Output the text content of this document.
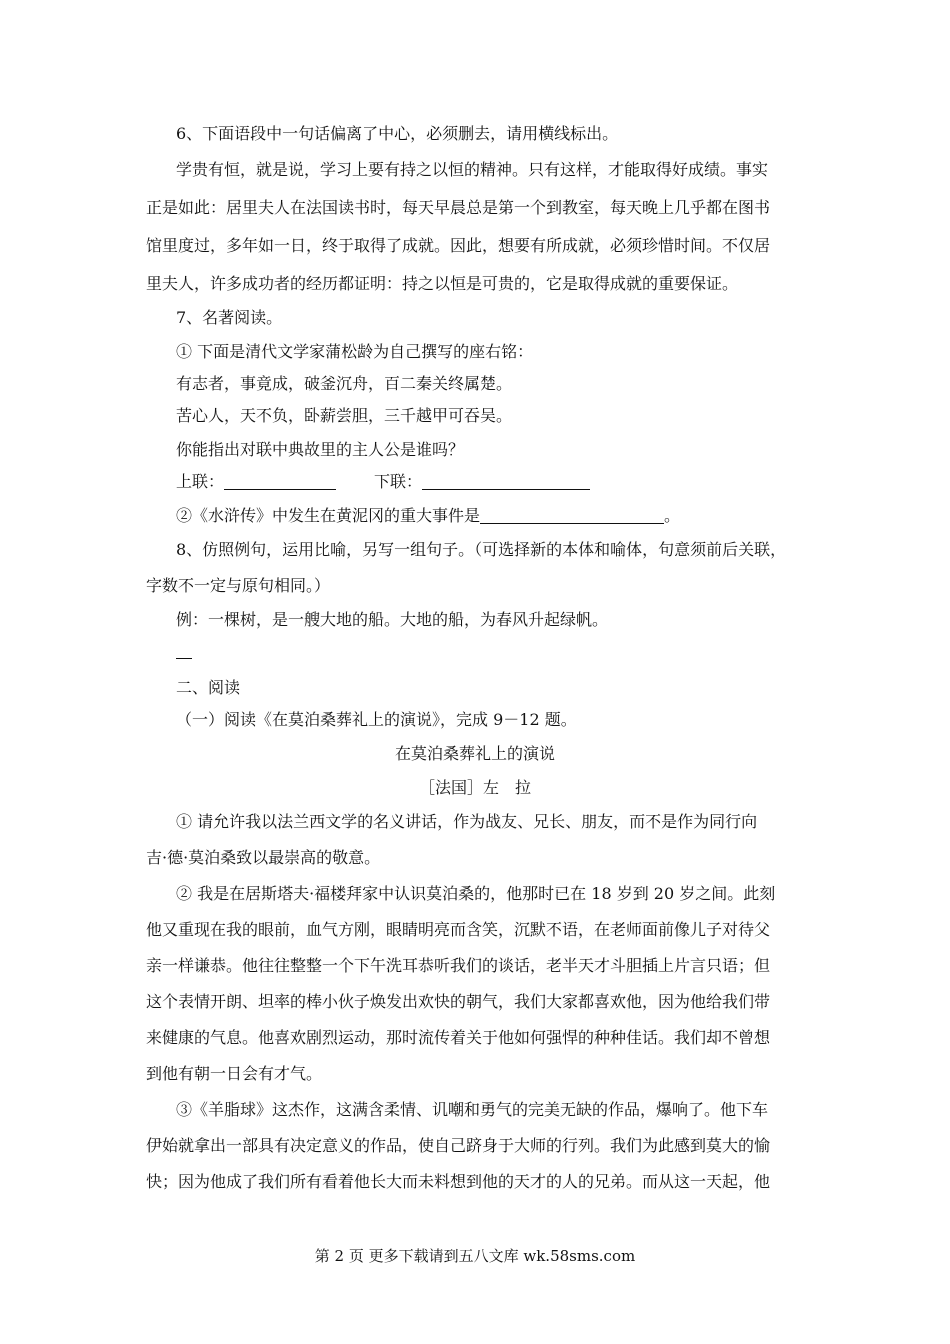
6、下面语段中一句话偏离了中心，必须删去，请用横线标出。
学贵有恒，就是说，学习上要有持之以恒的精神。只有这样，才能取得好成绩。事实
正是如此：居里夫人在法国读书时，每天早晨总是第一个到教室，每天晚上几乎都在图书
馆里度过，多年如一日，终于取得了成就。因此，想要有所成就，必须珍惜时间。不仅居
里夫人，许多成功者的经历都证明：持之以恒是可贵的，它是取得成就的重要保证。
7、名著阅读。
① 下面是清代文学家蒲松龄为自己撰写的座右铭：
有志者，事竟成，破釜沉舟，百二秦关终属楚。
苦心人，天不负，卧薪尝胆，三千越甲可吞吴。
你能指出对联中典故里的主人公是谁吗？
上联：	下联：
②《水浒传》中发生在黄泥冈的重大事件是	。
8、仿照例句，运用比喻，另写一组句子。（可选择新的本体和喻体，句意须前后关联，
字数不一定与原句相同。）
例：一棵树，是一艘大地的船。大地的船，为春风升起绿帆。
二、阅读
（一）阅读《在莫泊桑葬礼上的演说》，完成 9－12 题。
在莫泊桑葬礼上的演说
［法国］左　拉
① 请允许我以法兰西文学的名义讲话，作为战友、兄长、朋友，而不是作为同行向
吉·德·莫泊桑致以最崇高的敬意。
② 我是在居斯塔夫·福楼拜家中认识莫泊桑的，他那时已在 18 岁到 20 岁之间。此刻
他又重现在我的眼前，血气方刚，眼睛明亮而含笑，沉默不语，在老师面前像儿子对待父
亲一样谦恭。他往往整整一个下午洗耳恭听我们的谈话，老半天才斗胆插上片言只语；但
这个表情开朗、坦率的棒小伙子焕发出欢快的朝气，我们大家都喜欢他，因为他给我们带
来健康的气息。他喜欢剧烈运动，那时流传着关于他如何强悍的种种佳话。我们却不曾想
到他有朝一日会有才气。
③《羊脂球》这杰作，这满含柔情、讥嘲和勇气的完美无缺的作品，爆响了。他下车
伊始就拿出一部具有决定意义的作品，使自己跻身于大师的行列。我们为此感到莫大的愉
快；因为他成了我们所有看着他长大而未料想到他的天才的人的兄弟。而从这一天起，他
第 2 页 更多下载请到五八文库 wk.58sms.com
